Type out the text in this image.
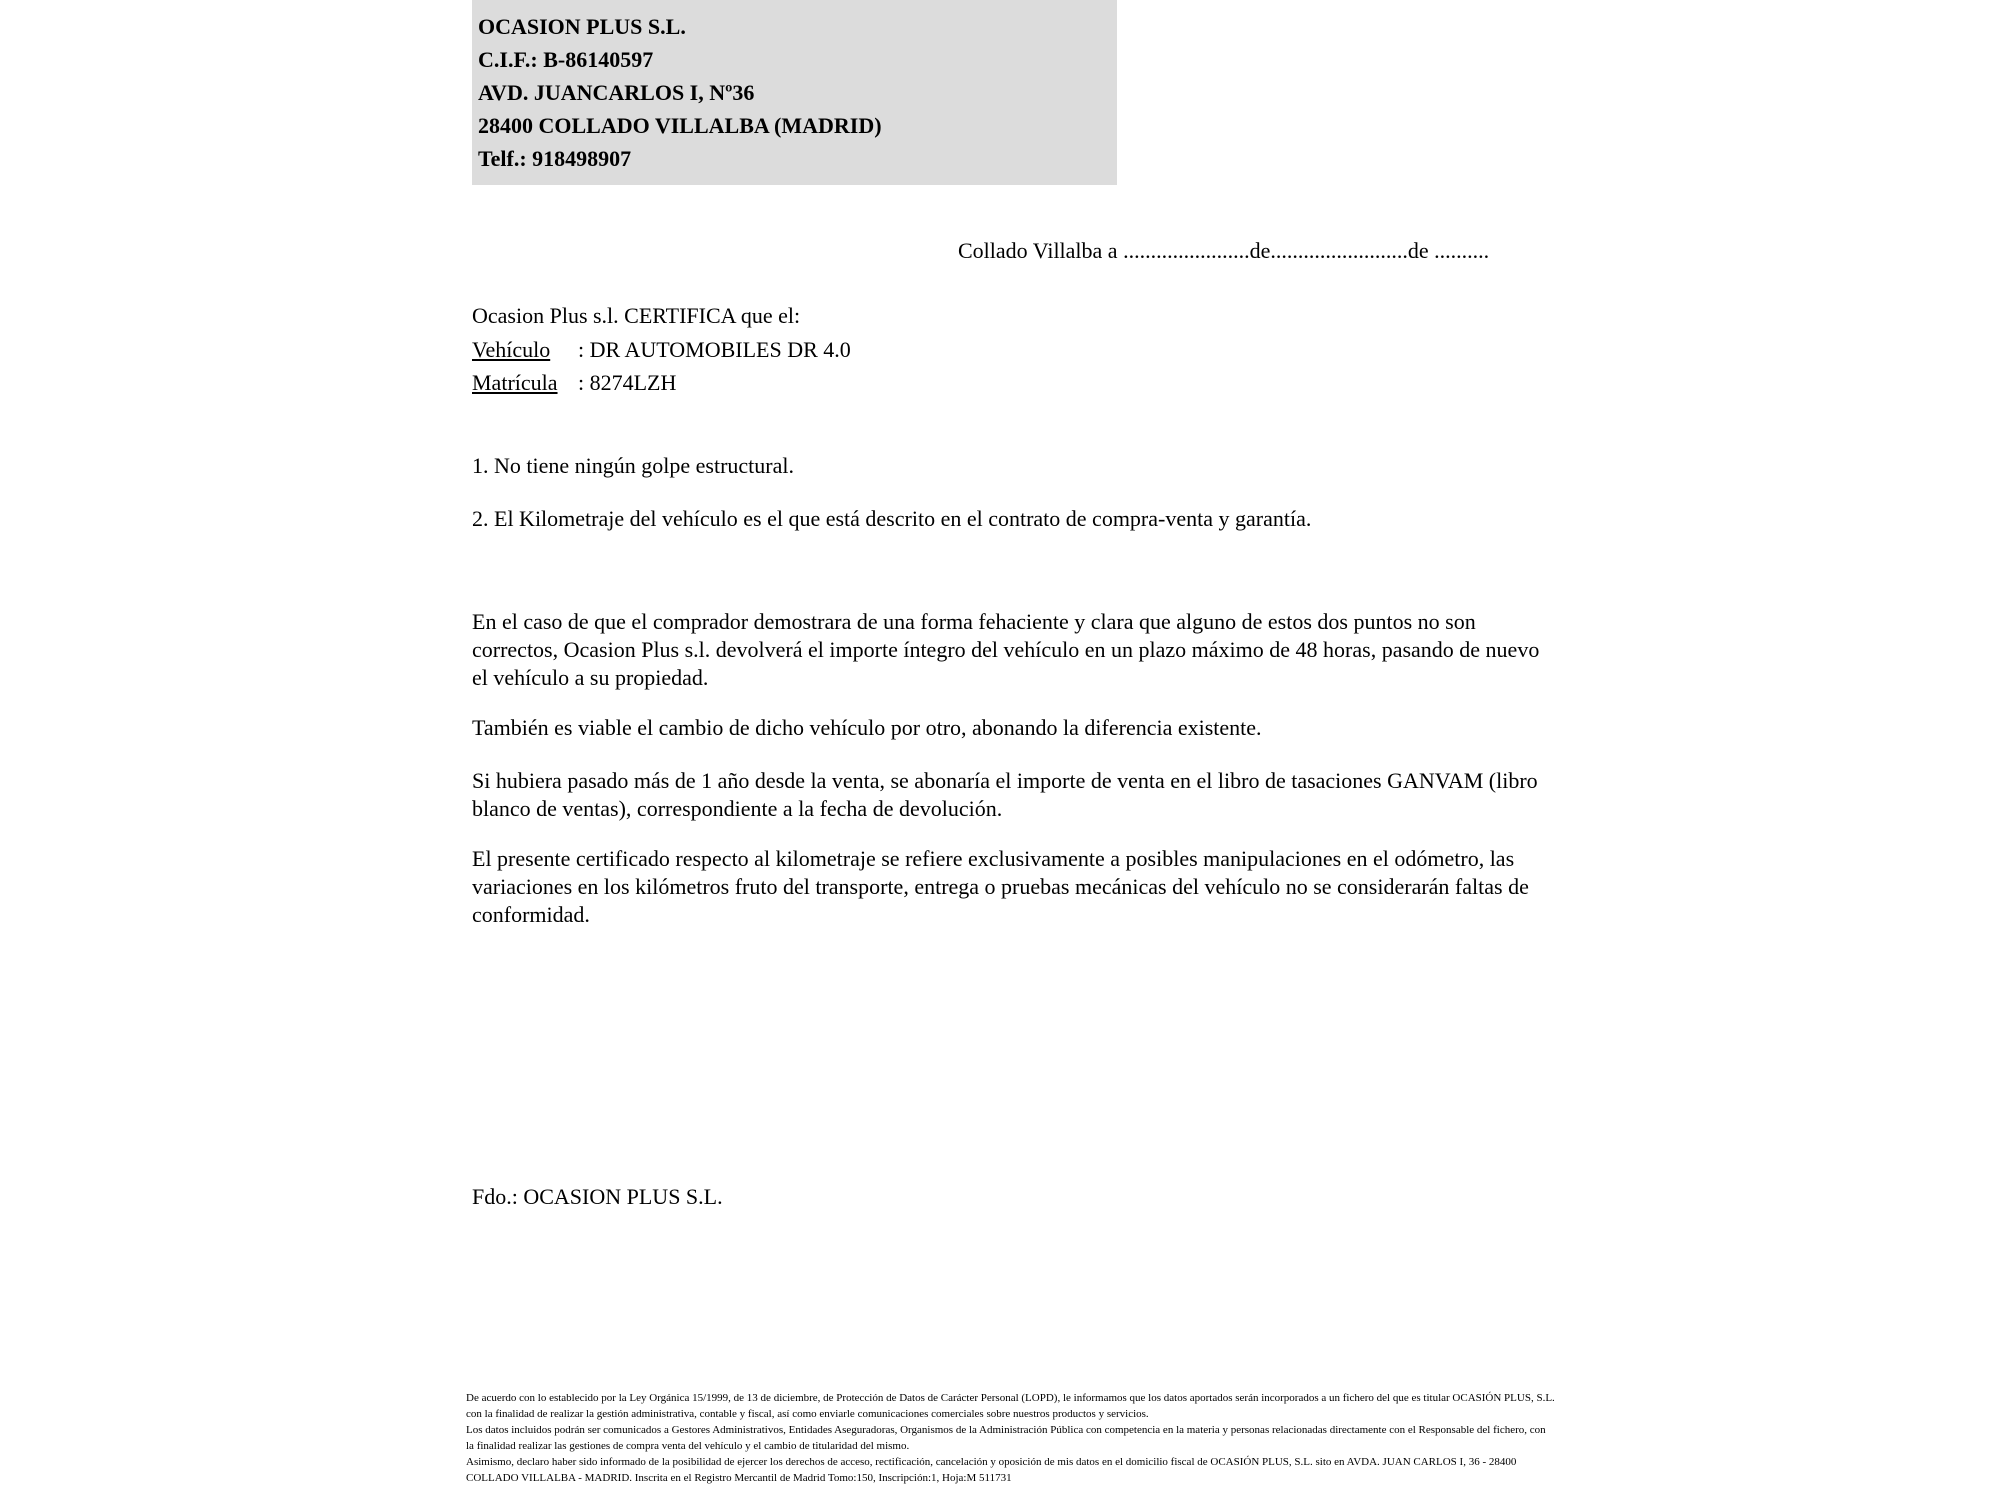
OCASION PLUS S.L.
C.I.F.: B-86140597
AVD. JUANCARLOS I, Nº36
28400 COLLADO VILLALBA (MADRID)
Telf.: 918498907
Collado Villalba a .......................de.........................de ..........
Ocasion Plus s.l. CERTIFICA que el:
Vehículo : DR AUTOMOBILES DR 4.0
Matrícula : 8274LZH
1. No tiene ningún golpe estructural.
2. El Kilometraje del vehículo es el que está descrito en el contrato de compra-venta y garantía.
En el caso de que el comprador demostrara de una forma fehaciente y clara que alguno de estos dos puntos no son correctos, Ocasion Plus s.l. devolverá el importe íntegro del vehículo en un plazo máximo de 48 horas, pasando de nuevo el vehículo a su propiedad.
También es viable el cambio de dicho vehículo por otro, abonando la diferencia existente.
Si hubiera pasado más de 1 año desde la venta, se abonaría el importe de venta en el libro de tasaciones GANVAM (libro blanco de ventas), correspondiente a la fecha de devolución.
El presente certificado respecto al kilometraje se refiere exclusivamente a posibles manipulaciones en el odómetro, las variaciones en los kilómetros fruto del transporte, entrega o pruebas mecánicas del vehículo no se considerarán faltas de conformidad.
Fdo.: OCASION PLUS S.L.

De acuerdo con lo establecido por la Ley Orgánica 15/1999, de 13 de diciembre, de Protección de Datos de Carácter Personal (LOPD), le informamos que los datos aportados serán incorporados a un fichero del que es titular OCASIÓN PLUS, S.L. con la finalidad de realizar la gestión administrativa, contable y fiscal, así como enviarle comunicaciones comerciales sobre nuestros productos y servicios.

Los datos incluidos podrán ser comunicados a Gestores Administrativos, Entidades Aseguradoras, Organismos de la Administración Pública con competencia en la materia y personas relacionadas directamente con el Responsable del fichero, con la finalidad realizar las gestiones de compra venta del vehículo y el cambio de titularidad del mismo.

Asimismo, declaro haber sido informado de la posibilidad de ejercer los derechos de acceso, rectificación, cancelación y oposición de mis datos en el domicilio fiscal de OCASIÓN PLUS, S.L. sito en AVDA. JUAN CARLOS I, 36 - 28400 COLLADO VILLALBA - MADRID. Inscrita en el Registro Mercantil de Madrid Tomo:150, Inscripción:1, Hoja:M 511731
